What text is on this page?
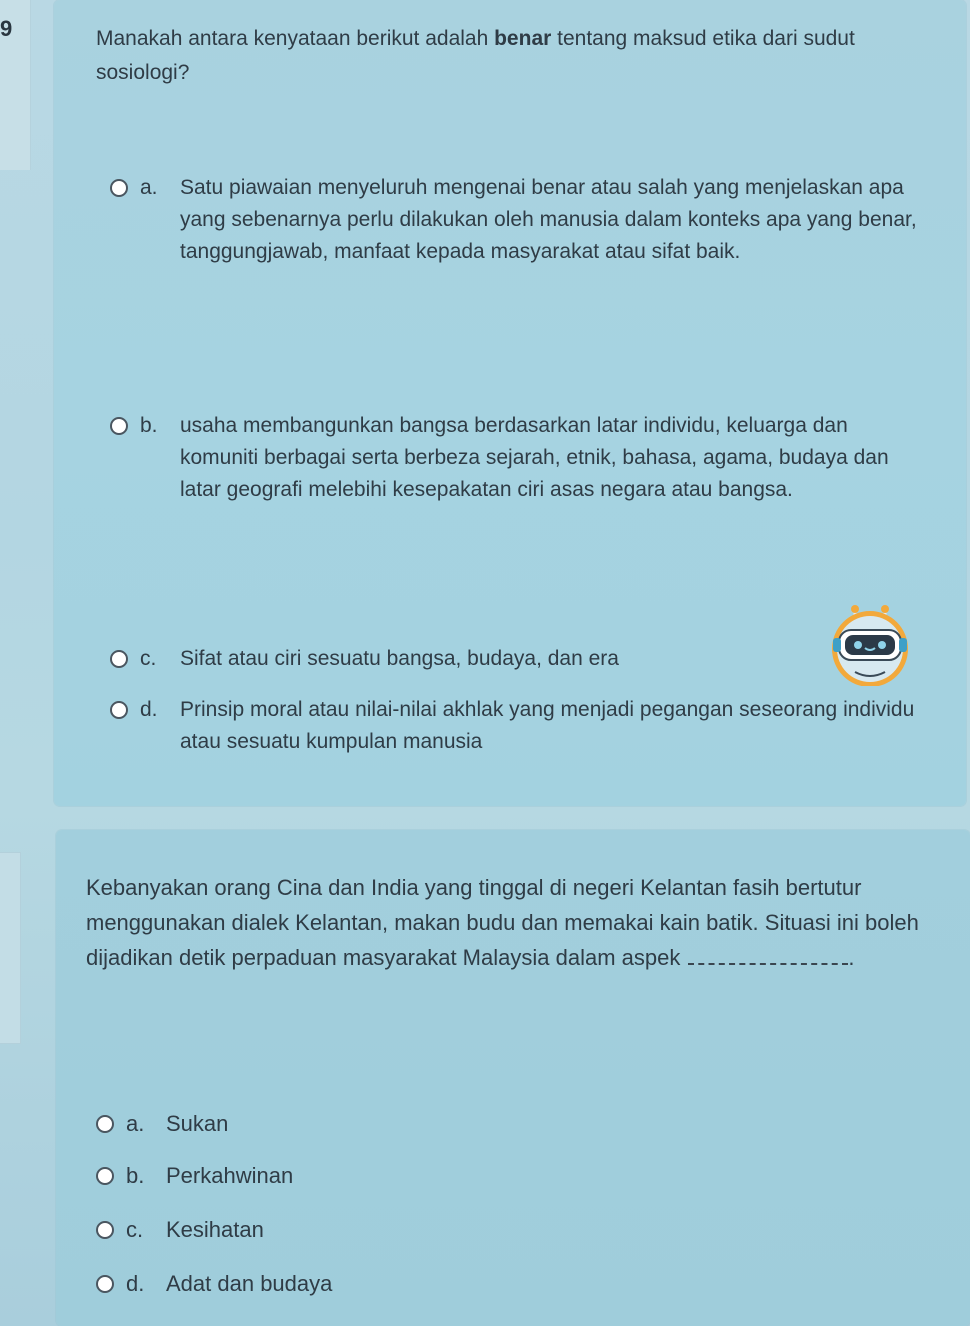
9	Manakah antara kenyataan berikut adalah benar tentang maksud etika dari sudut sosiologi?

a.	Satu piawaian menyeluruh mengenai benar atau salah yang menjelaskan apa yang sebenarnya perlu dilakukan oleh manusia dalam konteks apa yang benar, tanggungjawab, manfaat kepada masyarakat atau sifat baik.
b.	usaha membangunkan bangsa berdasarkan latar individu, keluarga dan komuniti berbagai serta berbeza sejarah, etnik, bahasa, agama, budaya dan latar geografi melebihi kesepakatan ciri asas negara atau bangsa.
c.	Sifat atau ciri sesuatu bangsa, budaya, dan era
d.	Prinsip moral atau nilai-nilai akhlak yang menjadi pegangan seseorang individu atau sesuatu kumpulan manusia

Kebanyakan orang Cina dan India yang tinggal di negeri Kelantan fasih bertutur menggunakan dialek Kelantan, makan budu dan memakai kain batik. Situasi ini boleh dijadikan detik perpaduan masyarakat Malaysia dalam aspek	.

a. Sukan
b. Perkahwinan
c.	Kesihatan
d. Adat dan budaya
